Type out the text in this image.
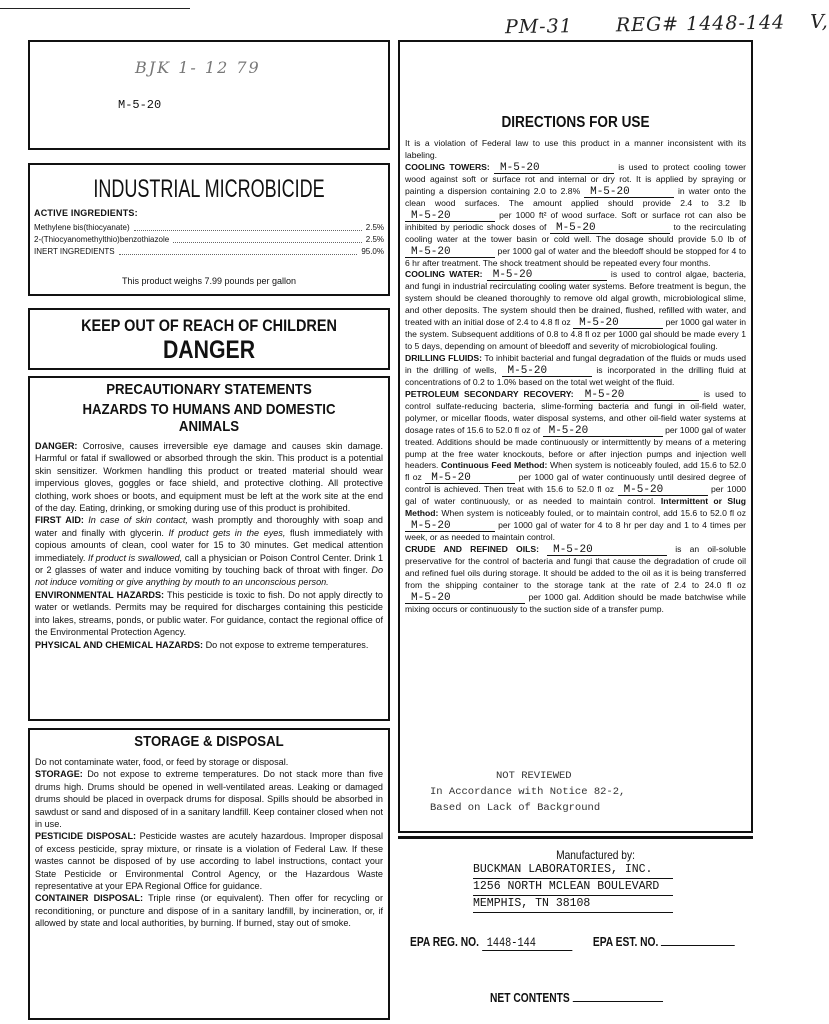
PM-31 REG# 1448-144 V,
BJK 1- 12 79
M-5-20
INDUSTRIAL MICROBICIDE
ACTIVE INGREDIENTS:
Methylene bis(thiocyanate)	2.5%
2-(Thiocyanomethylthio)benzothiazole	2.5%
INERT INGREDIENTS	95.0%
This product weighs 7.99 pounds per gallon
KEEP OUT OF REACH OF CHILDREN
DANGER
PRECAUTIONARY STATEMENTS
HAZARDS TO HUMANS AND DOMESTIC ANIMALS

DANGER: Corrosive, causes irreversible eye damage and causes skin damage. Harmful or fatal if swallowed or absorbed through the skin. This product is a potential skin sensitizer. Workmen handling this product or treated material should wear impervious gloves, goggles or face shield, and protective clothing. All protective clothing, work shoes or boots, and equipment must be left at the work site at the end of the day. Eating, drinking, or smoking during use of this product is prohibited.

FIRST AID: In case of skin contact, wash promptly and thoroughly with soap and water and finally with glycerin. If product gets in the eyes, flush immediately with copious amounts of clean, cool water for 15 to 30 minutes. Get medical attention immediately. If product is swallowed, call a physician or Poison Control Center. Drink 1 or 2 glasses of water and induce vomiting by touching back of throat with finger. Do not induce vomiting or give anything by mouth to an unconscious person.

ENVIRONMENTAL HAZARDS: This pesticide is toxic to fish. Do not apply directly to water or wetlands. Permits may be required for discharges containing this pesticide into lakes, streams, ponds, or public water. For guidance, contact the regional office of the Environmental Protection Agency.

PHYSICAL AND CHEMICAL HAZARDS: Do not expose to extreme temperatures.

STORAGE & DISPOSAL

Do not contaminate water, food, or feed by storage or disposal.

STORAGE: Do not expose to extreme temperatures. Do not stack more than five drums high. Drums should be opened in well-ventilated areas. Leaking or damaged drums should be placed in overpack drums for disposal. Spills should be absorbed in sawdust or sand and disposed of in a sanitary landfill. Keep container closed when not in use.

PESTICIDE DISPOSAL: Pesticide wastes are acutely hazardous. Improper disposal of excess pesticide, spray mixture, or rinsate is a violation of Federal Law. If these wastes cannot be disposed of by use according to label instructions, contact your State Pesticide or Environmental Control Agency, or the Hazardous Waste representative at your EPA Regional Office for guidance.

CONTAINER DISPOSAL: Triple rinse (or equivalent). Then offer for recycling or reconditioning, or puncture and dispose of in a sanitary landfill, by incineration, or, if allowed by state and local authorities, by burning. If burned, stay out of smoke.

DIRECTIONS FOR USE
It is a violation of Federal law to use this product in a manner inconsistent with its labeling.
COOLING TOWERS: M-5-20	is used to protect cooling tower wood against soft or surface rot and internal or dry rot. It is applied by spraying or painting a dispersion containing 2.0 to 2.8% M-5-20	in water onto the clean wood surfaces. The amount applied should provide 2.4 to 3.2 lb M-5-20	per 1000 ft² of wood surface. Soft or surface rot can also be inhibited by periodic shock doses of M-5-20	to the recirculating cooling water at the tower basin or cold well. The dosage should provide 5.0 lb of M-5-20	per 1000 gal of water and the bleedoff should be stopped for 4 to 6 hr after treatment. The shock treatment should be repeated every four months.
COOLING WATER: M-5-20	is used to control algae, bacteria, and fungi in industrial recirculating cooling water systems. Before treatment is begun, the system should be cleaned thoroughly to remove old algal growth, microbiological slime, and other deposits. The system should then be drained, flushed, refilled with water, and treated with an initial dose of 2.4 to 4.8 fl oz M-5-20	per 1000 gal water in the system. Subsequent additions of 0.8 to 4.8 fl oz per 1000 gal should be made every 1 to 5 days, depending on amount of bleedoff and severity of microbiological fouling.
DRILLING FLUIDS: To inhibit bacterial and fungal degradation of the fluids or muds used in the drilling of wells, M-5-20	is incorporated in the drilling fluid at concentrations of 0.2 to 1.0% based on the total wet weight of the fluid.
PETROLEUM SECONDARY RECOVERY: M-5-20	is used to control sulfate-reducing bacteria, slime-forming bacteria and fungi in oil-field water, polymer, or micellar floods, water disposal systems, and other oil-field water systems at dosage rates of 15.6 to 52.0 fl oz of M-5-20	per 1000 gal of water treated. Additions should be made continuously or intermittently by means of a metering pump at the free water knockouts, before or after injection pumps and injection well headers. Continuous Feed Method: When system is noticeably fouled, add 15.6 to 52.0 fl oz M-5-20	per 1000 gal of water continuously until desired degree of control is achieved. Then treat with 15.6 to 52.0 fl oz M-5-20	per 1000 gal of water continuously, or as needed to maintain control. Intermittent or Slug Method: When system is noticeably fouled, or to maintain control, add 15.6 to 52.0 fl oz M-5-20	per 1000 gal of water for 4 to 8 hr per day and 1 to 4 times per week, or as needed to maintain control.
CRUDE AND REFINED OILS: M-5-20	is an oil-soluble preservative for the control of bacteria and fungi that cause the degradation of crude oil and refined fuel oils during storage. It should be added to the oil as it is being transferred from the shipping container to the storage tank at the rate of 2.4 to 24.0 fl oz M-5-20	per 1000 gal. Addition should be made batchwise while mixing occurs or continuously to the suction side of a transfer pump.
NOT REVIEWED
In Accordance with Notice 82-2,
Based on Lack of Background
Manufactured by:
BUCKMAN LABORATORIES, INC.
1256 NORTH MCLEAN BOULEVARD
MEMPHIS, TN 38108
EPA REG. NO. 1448-144	EPA EST. NO.
NET CONTENTS
